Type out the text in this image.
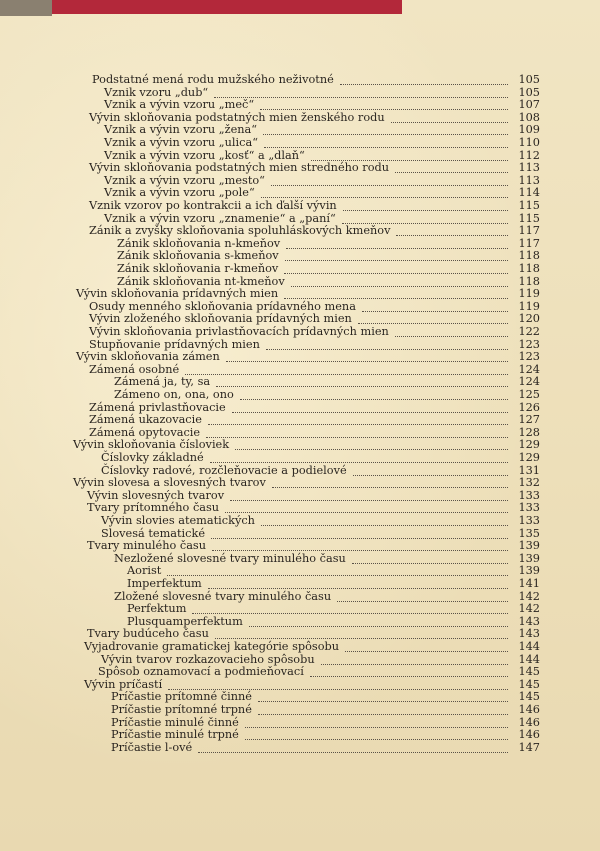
Podstatné mená rodu mužského neživotné	105
Vznik vzoru „dub“	105
Vznik a vývin vzoru „meč“	107
Vývin skloňovania podstatných mien ženského rodu	108
Vznik a vývin vzoru „žena“	109
Vznik a vývin vzoru „ulica“	110
Vznik a vývin vzoru „kosť“ a „dlaň“	112
Vývin skloňovania podstatných mien stredného rodu	113
Vznik a vývin vzoru „mesto“	113
Vznik a vývin vzoru „pole“	114
Vznik vzorov po kontrakcii a ich ďalší vývin	115
Vznik a vývin vzoru „znamenie“ a „paní“	115
Zánik a zvyšky skloňovania spoluhláskových kmeňov	117
Zánik skloňovania n-kmeňov	117
Zánik skloňovania s-kmeňov	118
Zánik skloňovania r-kmeňov	118
Zánik skloňovania nt-kmeňov	118
Vývin skloňovania prídavných mien	119
Osudy menného skloňovania prídavného mena	119
Vývin zloženého skloňovania prídavných mien	120
Vývin skloňovania privlastňovacích prídavných mien	122
Stupňovanie prídavných mien	123
Vývin skloňovania zámen	123
Zámená osobné	124
Zámená ja, ty, sa	124
Zámeno on, ona, ono	125
Zámená privlastňovacie	126
Zámená ukazovacie	127
Zámená opytovacie	128
Vývin skloňovania čísloviek	129
Číslovky základné	129
Číslovky radové, rozčleňovacie a podielové	131
Vývin slovesa a slovesných tvarov	132
Vývin slovesných tvarov	133
Tvary prítomného času	133
Vývin slovies atematických	133
Slovesá tematické	135
Tvary minulého času	139
Nezložené slovesné tvary minulého času	139
Aorist	139
Imperfektum	141
Zložené slovesné tvary minulého času	142
Perfektum	142
Plusquamperfektum	143
Tvary budúceho času	143
Vyjadrovanie gramatickej kategórie spôsobu	144
Vývin tvarov rozkazovacieho spôsobu	144
Spôsob oznamovací a podmieňovací	145
Vývin príčastí	145
Príčastie prítomné činné	145
Príčastie prítomné trpné	146
Príčastie minulé činné	146
Príčastie minulé trpné	146
Príčastie l-ové	147
